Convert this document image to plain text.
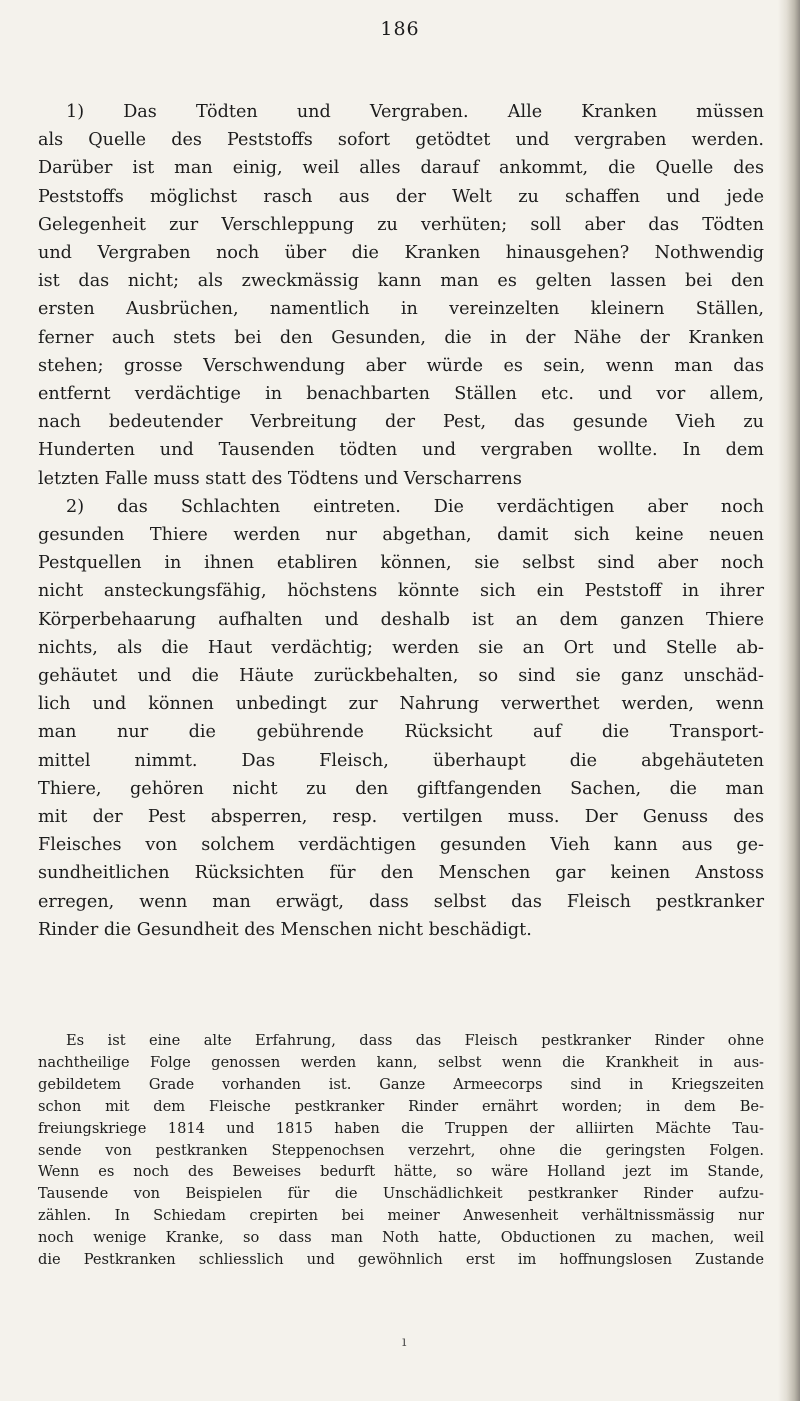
186
1) Das Tödten und Vergraben. Alle Kranken müssen
als Quelle des Peststoffs sofort getödtet und vergraben werden.
Darüber ist man einig, weil alles darauf ankommt, die Quelle des
Peststoffs möglichst rasch aus der Welt zu schaffen und jede
Gelegenheit zur Verschleppung zu verhüten; soll aber das Tödten
und Vergraben noch über die Kranken hinausgehen? Nothwendig
ist das nicht; als zweckmässig kann man es gelten lassen bei den
ersten Ausbrüchen, namentlich in vereinzelten kleinern Ställen,
ferner auch stets bei den Gesunden, die in der Nähe der Kranken
stehen; grosse Verschwendung aber würde es sein, wenn man das
entfernt verdächtige in benachbarten Ställen etc. und vor allem,
nach bedeutender Verbreitung der Pest, das gesunde Vieh zu
Hunderten und Tausenden tödten und vergraben wollte. In dem
letzten Falle muss statt des Tödtens und Verscharrens
2) das Schlachten eintreten. Die verdächtigen aber noch
gesunden Thiere werden nur abgethan, damit sich keine neuen
Pestquellen in ihnen etabliren können, sie selbst sind aber noch
nicht ansteckungsfähig, höchstens könnte sich ein Peststoff in ihrer
Körperbehaarung aufhalten und deshalb ist an dem ganzen Thiere
nichts, als die Haut verdächtig; werden sie an Ort und Stelle ab-
gehäutet und die Häute zurückbehalten, so sind sie ganz unschäd-
lich und können unbedingt zur Nahrung verwerthet werden, wenn
man nur die gebührende Rücksicht auf die Transport-
mittel nimmt. Das Fleisch, überhaupt die abgehäuteten
Thiere, gehören nicht zu den giftfangenden Sachen, die man
mit der Pest absperren, resp. vertilgen muss. Der Genuss des
Fleisches von solchem verdächtigen gesunden Vieh kann aus ge-
sundheitlichen Rücksichten für den Menschen gar keinen Anstoss
erregen, wenn man erwägt, dass selbst das Fleisch pestkranker
Rinder die Gesundheit des Menschen nicht beschädigt.
Es ist eine alte Erfahrung, dass das Fleisch pestkranker Rinder ohne
nachtheilige Folge genossen werden kann, selbst wenn die Krankheit in aus-
gebildetem Grade vorhanden ist. Ganze Armeecorps sind in Kriegszeiten
schon mit dem Fleische pestkranker Rinder ernährt worden; in dem Be-
freiungskriege 1814 und 1815 haben die Truppen der alliirten Mächte Tau-
sende von pestkranken Steppenochsen verzehrt, ohne die geringsten Folgen.
Wenn es noch des Beweises bedurft hätte, so wäre Holland jezt im Stande,
Tausende von Beispielen für die Unschädlichkeit pestkranker Rinder aufzu-
zählen. In Schiedam crepirten bei meiner Anwesenheit verhältnissmässig nur
noch wenige Kranke, so dass man Noth hatte, Obductionen zu machen, weil
die Pestkranken schliesslich und gewöhnlich erst im hoffnungslosen Zustande
ı
